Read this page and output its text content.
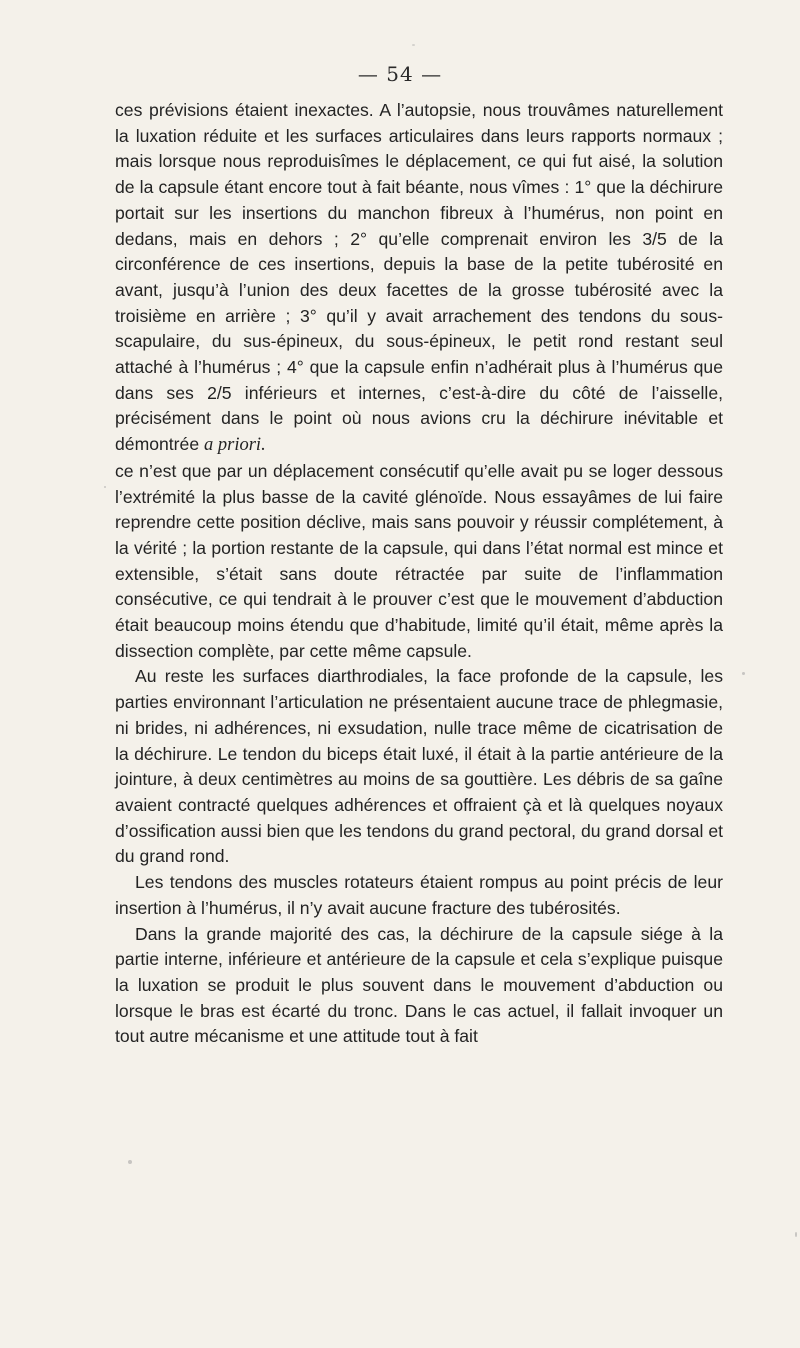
— 54 —

ces prévisions étaient inexactes. A l’autopsie, nous trouvâmes naturellement la luxation réduite et les surfaces articulaires dans leurs rapports normaux ; mais lorsque nous reproduisîmes le déplacement, ce qui fut aisé, la solution de la capsule étant encore tout à fait béante, nous vîmes : 1° que la déchirure portait sur les insertions du manchon fibreux à l’humérus, non point en dedans, mais en dehors ; 2° qu’elle comprenait environ les 3/5 de la circonférence de ces insertions, depuis la base de la petite tubérosité en avant, jusqu’à l’union des deux facettes de la grosse tubérosité avec la troisième en arrière ; 3° qu’il y avait arrachement des tendons du sous-scapulaire, du sus-épineux, du sous-épineux, le petit rond restant seul attaché à l’humérus ; 4° que la capsule enfin n’adhérait plus à l’humérus que dans ses 2/5 inférieurs et internes, c’est-à-dire du côté de l’aisselle, précisément dans le point où nous avions cru la déchirure inévitable et démontrée a priori.

ce n’est que par un déplacement consécutif qu’elle avait pu se loger dessous l’extrémité la plus basse de la cavité glénoïde. Nous essayâmes de lui faire reprendre cette position déclive, mais sans pouvoir y réussir complétement, à la vérité ; la portion restante de la capsule, qui dans l’état normal est mince et extensible, s’était sans doute rétractée par suite de l’inflammation consécutive, ce qui tendrait à le prouver c’est que le mouvement d’abduction était beaucoup moins étendu que d’habitude, limité qu’il était, même après la dissection complète, par cette même capsule.

Au reste les surfaces diarthrodiales, la face profonde de la capsule, les parties environnant l’articulation ne présentaient aucune trace de phlegmasie, ni brides, ni adhérences, ni exsudation, nulle trace même de cicatrisation de la déchirure. Le tendon du biceps était luxé, il était à la partie antérieure de la jointure, à deux centimètres au moins de sa gouttière. Les débris de sa gaîne avaient contracté quelques adhérences et offraient çà et là quelques noyaux d’ossification aussi bien que les tendons du grand pectoral, du grand dorsal et du grand rond.

Les tendons des muscles rotateurs étaient rompus au point précis de leur insertion à l’humérus, il n’y avait aucune fracture des tubérosités.

Dans la grande majorité des cas, la déchirure de la capsule siége à la partie interne, inférieure et antérieure de la capsule et cela s’explique puisque la luxation se produit le plus souvent dans le mouvement d’abduction ou lorsque le bras est écarté du tronc. Dans le cas actuel, il fallait invoquer un tout autre mécanisme et une attitude tout à fait
